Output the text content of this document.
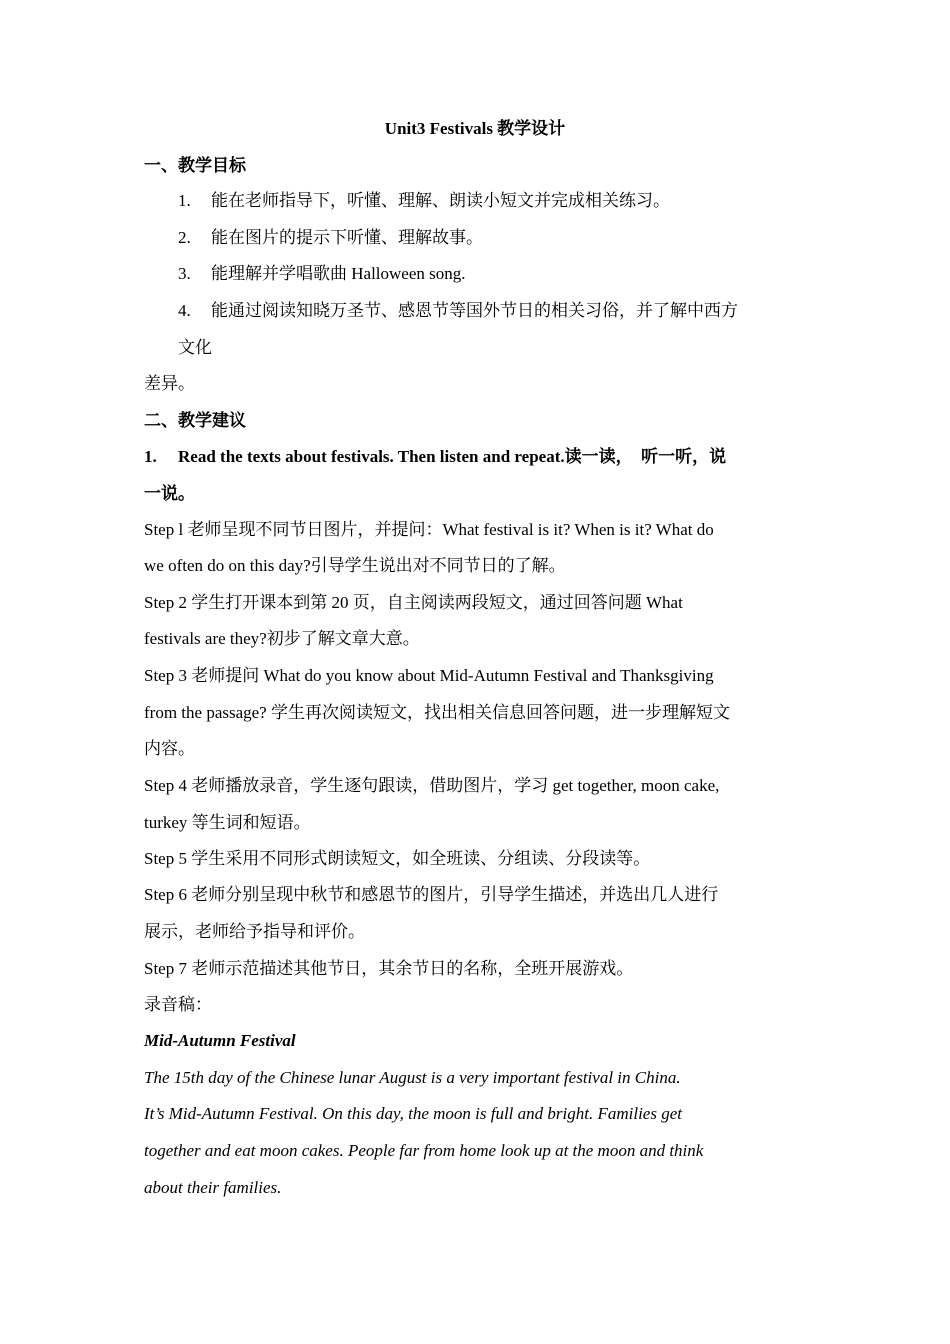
Unit3 Festivals 教学设计
一、教学目标
1.	能在老师指导下，听懂、理解、朗读小短文并完成相关练习。
2.	能在图片的提示下听懂、理解故事。
3.	能理解并学唱歌曲 Halloween song.
4.	能通过阅读知晓万圣节、感恩节等国外节日的相关习俗，并了解中西方
文化
差异。
二、教学建议
1.	Read the texts about festivals. Then listen and repeat.读一读，　听一听，说
一说。
Step l 老师呈现不同节日图片，并提问：What festival is it? When is it? What do
we often do on this day?引导学生说出对不同节日的了解。
Step 2 学生打开课本到第 20 页，自主阅读两段短文，通过回答问题 What
festivals are they?初步了解文章大意。
Step 3 老师提问 What do you know about Mid-Autumn Festival and Thanksgiving
from the passage? 学生再次阅读短文，找出相关信息回答问题，进一步理解短文
内容。
Step 4 老师播放录音，学生逐句跟读，借助图片，学习 get together, moon cake,
turkey 等生词和短语。
Step 5 学生采用不同形式朗读短文，如全班读、分组读、分段读等。
Step 6 老师分别呈现中秋节和感恩节的图片，引导学生描述，并选出几人进行
展示，老师给予指导和评价。
Step 7 老师示范描述其他节日，其余节日的名称，全班开展游戏。
录音稿：
Mid-Autumn Festival
The 15th day of the Chinese lunar August is a very important festival in China.
It’s Mid-Autumn Festival. On this day, the moon is full and bright. Families get
together and eat moon cakes. People far from home look up at the moon and think
about their families.
